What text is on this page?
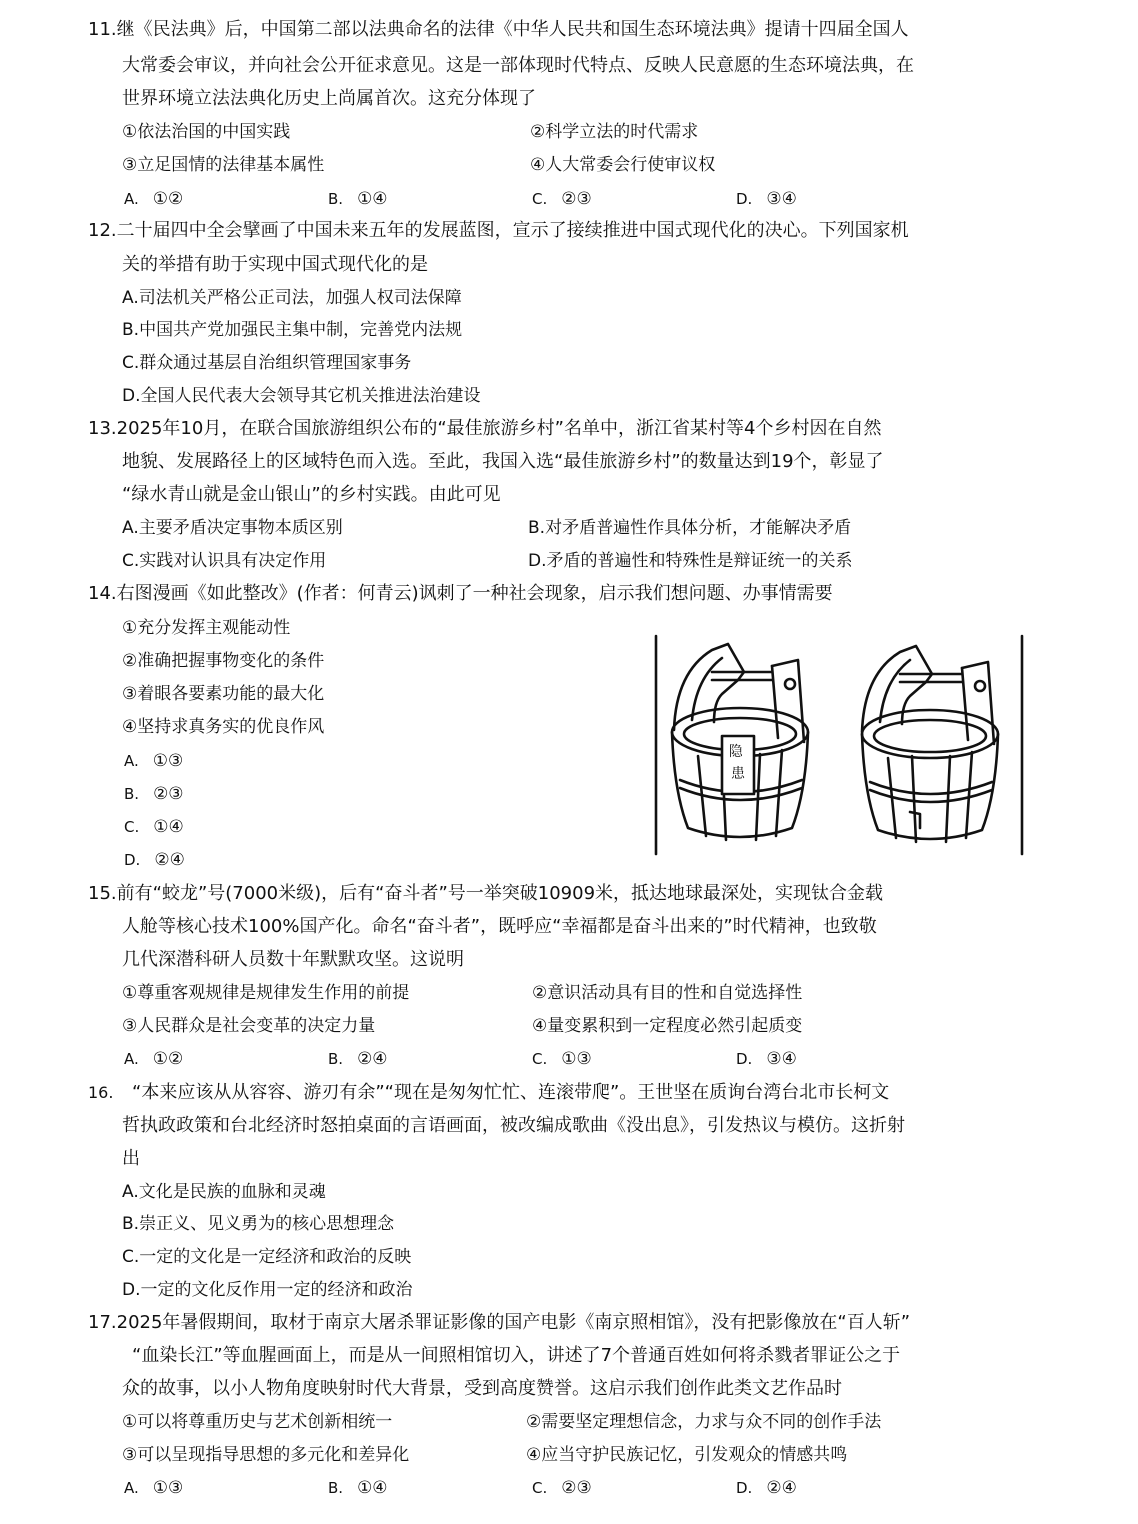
11.继《民法典》后，中国第二部以法典命名的法律《中华人民共和国生态环境法典》提请十四届全国人
大常委会审议，并向社会公开征求意见。这是一部体现时代特点、反映人民意愿的生态环境法典，在
世界环境立法法典化历史上尚属首次。这充分体现了
①依法治国的中国实践	②科学立法的时代需求
③立足国情的法律基本属性	④人大常委会行使审议权
A. ①②	B. ①④	C. ②③	D. ③④
12.二十届四中全会擘画了中国未来五年的发展蓝图，宣示了接续推进中国式现代化的决心。下列国家机
关的举措有助于实现中国式现代化的是
A.司法机关严格公正司法，加强人权司法保障
B.中国共产党加强民主集中制，完善党内法规
C.群众通过基层自治组织管理国家事务
D.全国人民代表大会领导其它机关推进法治建设
13.2025年10月，在联合国旅游组织公布的“最佳旅游乡村”名单中，浙江省某村等4个乡村因在自然
地貌、发展路径上的区域特色而入选。至此，我国入选“最佳旅游乡村”的数量达到19个，彰显了
“绿水青山就是金山银山”的乡村实践。由此可见
A.主要矛盾决定事物本质区别	B.对矛盾普遍性作具体分析，才能解决矛盾
C.实践对认识具有决定作用	D.矛盾的普遍性和特殊性是辩证统一的关系
14.右图漫画《如此整改》(作者：何青云)讽刺了一种社会现象，启示我们想问题、办事情需要
①充分发挥主观能动性
②准确把握事物变化的条件
③着眼各要素功能的最大化
④坚持求真务实的优良作风
A. ①③
B. ②③
C. ①④
D. ②④
隐 患
15.前有“蛟龙”号(7000米级)，后有“奋斗者”号一举突破10909米，抵达地球最深处，实现钛合金载
人舱等核心技术100%国产化。命名“奋斗者”，既呼应“幸福都是奋斗出来的”时代精神，也致敬
几代深潜科研人员数十年默默攻坚。这说明
①尊重客观规律是规律发生作用的前提	②意识活动具有目的性和自觉选择性
③人民群众是社会变革的决定力量	④量变累积到一定程度必然引起质变
A. ①②	B. ②④	C. ①③	D. ③④
16. “本来应该从从容容、游刃有余”“现在是匆匆忙忙、连滚带爬”。王世坚在质询台湾台北市长柯文
哲执政政策和台北经济时怒拍桌面的言语画面，被改编成歌曲《没出息》，引发热议与模仿。这折射
出
A.文化是民族的血脉和灵魂
B.崇正义、见义勇为的核心思想理念
C.一定的文化是一定经济和政治的反映
D.一定的文化反作用一定的经济和政治
17.2025年暑假期间，取材于南京大屠杀罪证影像的国产电影《南京照相馆》，没有把影像放在“百人斩”
“血染长江”等血腥画面上，而是从一间照相馆切入，讲述了7个普通百姓如何将杀戮者罪证公之于
众的故事，以小人物角度映射时代大背景，受到高度赞誉。这启示我们创作此类文艺作品时
①可以将尊重历史与艺术创新相统一	②需要坚定理想信念，力求与众不同的创作手法
③可以呈现指导思想的多元化和差异化	④应当守护民族记忆，引发观众的情感共鸣
A. ①③	B. ①④	C. ②③	D. ②④
